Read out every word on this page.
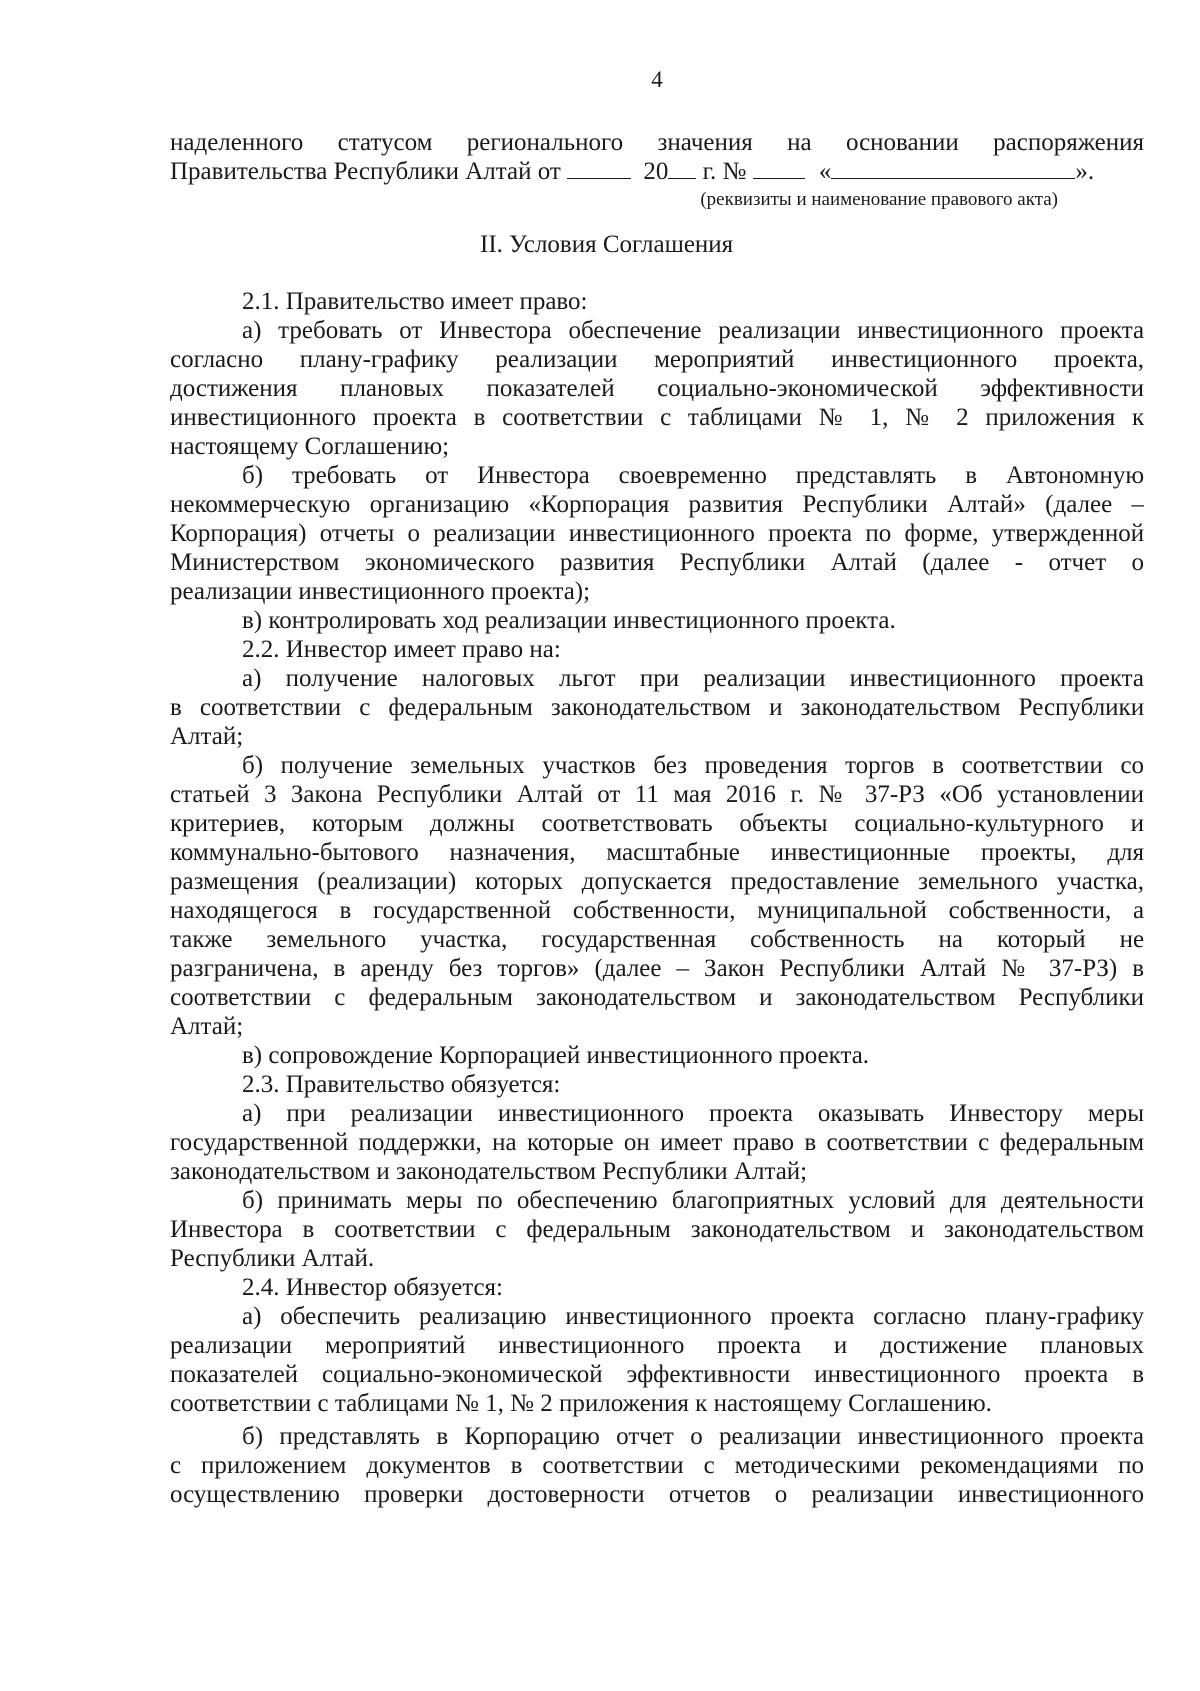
4
наделенного статусом регионального значения на основании распоряжения
Правительства Республики Алтай от	20 г. №	«	».
(реквизиты и наименование правового акта)
II. Условия Соглашения
2.1. Правительство имеет право:
а) требовать от Инвестора обеспечение реализации инвестиционного проекта
согласно плану-графику реализации мероприятий инвестиционного проекта,
достижения плановых показателей социально-экономической эффективности
инвестиционного проекта в соответствии с таблицами № 1, № 2 приложения к
настоящему Соглашению;
б) требовать от Инвестора своевременно представлять в Автономную
некоммерческую организацию «Корпорация развития Республики Алтай» (далее –
Корпорация) отчеты о реализации инвестиционного проекта по форме, утвержденной
Министерством экономического развития Республики Алтай (далее - отчет о
реализации инвестиционного проекта);
в) контролировать ход реализации инвестиционного проекта.
2.2. Инвестор имеет право на:
а) получение налоговых льгот при реализации инвестиционного проекта
в соответствии с федеральным законодательством и законодательством Республики
Алтай;
б) получение земельных участков без проведения торгов в соответствии со
статьей 3 Закона Республики Алтай от 11 мая 2016 г. № 37-РЗ «Об установлении
критериев, которым должны соответствовать объекты социально-культурного и
коммунально-бытового назначения, масштабные инвестиционные проекты, для
размещения (реализации) которых допускается предоставление земельного участка,
находящегося в государственной собственности, муниципальной собственности, а
также земельного участка, государственная собственность на который не
разграничена, в аренду без торгов» (далее – Закон Республики Алтай № 37-РЗ) в
соответствии с федеральным законодательством и законодательством Республики
Алтай;
в) сопровождение Корпорацией инвестиционного проекта.
2.3. Правительство обязуется:
а) при реализации инвестиционного проекта оказывать Инвестору меры
государственной поддержки, на которые он имеет право в соответствии с федеральным
законодательством и законодательством Республики Алтай;
б) принимать меры по обеспечению благоприятных условий для деятельности
Инвестора в соответствии с федеральным законодательством и законодательством
Республики Алтай.
2.4. Инвестор обязуется:
а) обеспечить реализацию инвестиционного проекта согласно плану-графику
реализации мероприятий инвестиционного проекта и достижение плановых
показателей социально-экономической эффективности инвестиционного проекта в
соответствии с таблицами № 1, № 2 приложения к настоящему Соглашению.
б) представлять в Корпорацию отчет о реализации инвестиционного проекта
с приложением документов в соответствии с методическими рекомендациями по
осуществлению проверки достоверности отчетов о реализации инвестиционного
